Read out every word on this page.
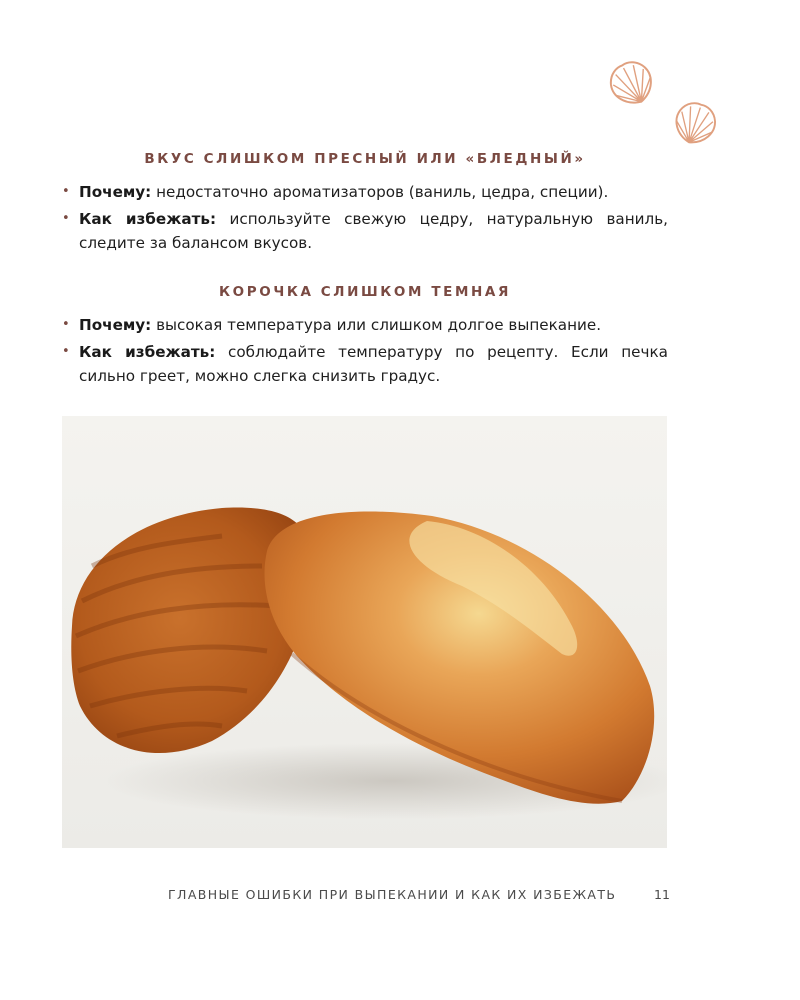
ВКУС СЛИШКОМ ПРЕСНЫЙ ИЛИ «БЛЕДНЫЙ»
• Почему: недостаточно ароматизаторов (ваниль, цедра, специи).
• Как избежать: используйте свежую цедру, натуральную ваниль, следите за балансом вкусов.
КОРОЧКА СЛИШКОМ ТЕМНАЯ
• Почему: высокая температура или слишком долгое выпекание.
• Как избежать: соблюдайте температуру по рецепту. Если печка сильно греет, можно слегка снизить градус.
ГЛАВНЫЕ ОШИБКИ ПРИ ВЫПЕКАНИИ И КАК ИХ ИЗБЕЖАТЬ	11
